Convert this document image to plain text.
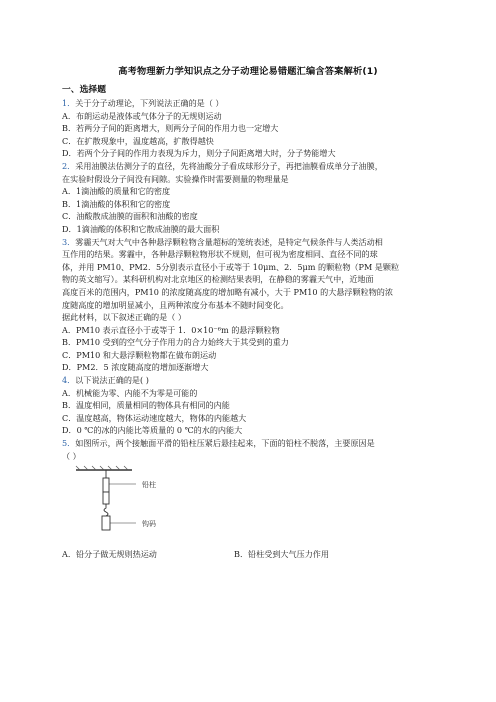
高考物理新力学知识点之分子动理论易错题汇编含答案解析(1)
一、选择题
1．关于分子动理论，下列说法正确的是（ ）
A．布朗运动是液体或气体分子的无规则运动
B．若两分子间的距离增大，则两分子间的作用力也一定增大
C．在扩散现象中，温度越高，扩散得越快
D．若两个分子间的作用力表现为斥力，则分子间距离增大时，分子势能增大
2．采用油膜法估测分子的直径，先将油酸分子看成球形分子，再把油膜看成单分子油膜，
在实验时假设分子间没有间隙。实验操作时需要测量的物理量是
A．1滴油酸的质量和它的密度
B．1滴油酸的体积和它的密度
C．油酸散成油膜的面积和油酸的密度
D．1滴油酸的体积和它散成油膜的最大面积
3．雾霾天气对大气中各种悬浮颗粒物含量超标的笼统表述，是特定气候条件与人类活动相
互作用的结果。雾霾中，各种悬浮颗粒物形状不规则，但可视为密度相同、直径不同的球
体，并用 PM10、PM2．5分别表示直径小于或等于 10μm、2．5μm 的颗粒物（PM 是颗粒
物的英文缩写）。某科研机构对北京地区的检测结果表明，在静稳的雾霾天气中，近地面
高度百米的范围内，PM10 的浓度随高度的增加略有减小，大于 PM10 的大悬浮颗粒物的浓
度随高度的增加明显减小，且两种浓度分布基本不随时间变化。
据此材料，以下叙述正确的是（ ）
A．PM10 表示直径小于或等于 1．0×10⁻⁶m 的悬浮颗粒物
B．PM10 受到的空气分子作用力的合力始终大于其受到的重力
C．PM10 和大悬浮颗粒物都在做布朗运动
D．PM2．5 浓度随高度的增加逐渐增大
4．以下说法正确的是( )
A．机械能为零、内能不为零是可能的
B．温度相同，质量相同的物体具有相同的内能
C．温度越高，物体运动速度越大，物体的内能越大
D．0 ℃的冰的内能比等质量的 0 ℃的水的内能大
5．如图所示，两个接触面平滑的铅柱压紧后悬挂起来，下面的铅柱不脱落，主要原因是
（ ）
铅柱
钩码
A．铅分子做无规则热运动	B．铅柱受到大气压力作用
